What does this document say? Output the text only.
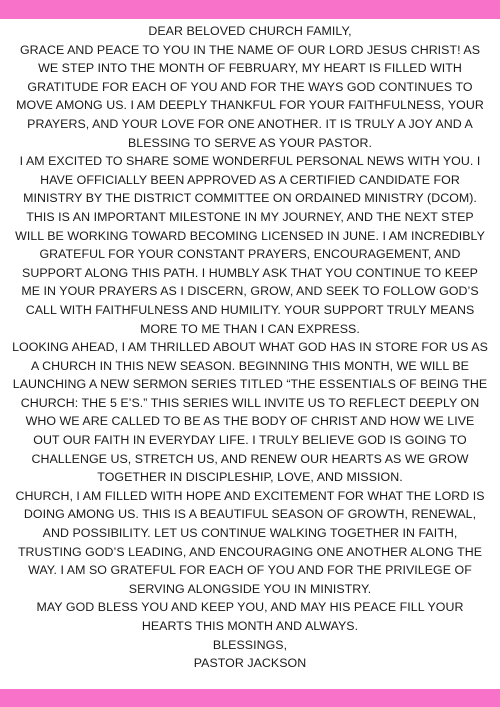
DEAR BELOVED CHURCH FAMILY,

GRACE AND PEACE TO YOU IN THE NAME OF OUR LORD JESUS CHRIST! AS WE STEP INTO THE MONTH OF FEBRUARY, MY HEART IS FILLED WITH GRATITUDE FOR EACH OF YOU AND FOR THE WAYS GOD CONTINUES TO MOVE AMONG US. I AM DEEPLY THANKFUL FOR YOUR FAITHFULNESS, YOUR PRAYERS, AND YOUR LOVE FOR ONE ANOTHER. IT IS TRULY A JOY AND A BLESSING TO SERVE AS YOUR PASTOR.

I AM EXCITED TO SHARE SOME WONDERFUL PERSONAL NEWS WITH YOU. I HAVE OFFICIALLY BEEN APPROVED AS A CERTIFIED CANDIDATE FOR MINISTRY BY THE DISTRICT COMMITTEE ON ORDAINED MINISTRY (DCOM). THIS IS AN IMPORTANT MILESTONE IN MY JOURNEY, AND THE NEXT STEP WILL BE WORKING TOWARD BECOMING LICENSED IN JUNE. I AM INCREDIBLY GRATEFUL FOR YOUR CONSTANT PRAYERS, ENCOURAGEMENT, AND SUPPORT ALONG THIS PATH. I HUMBLY ASK THAT YOU CONTINUE TO KEEP ME IN YOUR PRAYERS AS I DISCERN, GROW, AND SEEK TO FOLLOW GOD’S CALL WITH FAITHFULNESS AND HUMILITY. YOUR SUPPORT TRULY MEANS MORE TO ME THAN I CAN EXPRESS.

LOOKING AHEAD, I AM THRILLED ABOUT WHAT GOD HAS IN STORE FOR US AS A CHURCH IN THIS NEW SEASON. BEGINNING THIS MONTH, WE WILL BE LAUNCHING A NEW SERMON SERIES TITLED “THE ESSENTIALS OF BEING THE CHURCH: THE 5 E’S.” THIS SERIES WILL INVITE US TO REFLECT DEEPLY ON WHO WE ARE CALLED TO BE AS THE BODY OF CHRIST AND HOW WE LIVE OUT OUR FAITH IN EVERYDAY LIFE. I TRULY BELIEVE GOD IS GOING TO CHALLENGE US, STRETCH US, AND RENEW OUR HEARTS AS WE GROW TOGETHER IN DISCIPLESHIP, LOVE, AND MISSION.

CHURCH, I AM FILLED WITH HOPE AND EXCITEMENT FOR WHAT THE LORD IS DOING AMONG US. THIS IS A BEAUTIFUL SEASON OF GROWTH, RENEWAL, AND POSSIBILITY. LET US CONTINUE WALKING TOGETHER IN FAITH, TRUSTING GOD’S LEADING, AND ENCOURAGING ONE ANOTHER ALONG THE WAY. I AM SO GRATEFUL FOR EACH OF YOU AND FOR THE PRIVILEGE OF SERVING ALONGSIDE YOU IN MINISTRY.

MAY GOD BLESS YOU AND KEEP YOU, AND MAY HIS PEACE FILL YOUR HEARTS THIS MONTH AND ALWAYS.

BLESSINGS,

PASTOR JACKSON
